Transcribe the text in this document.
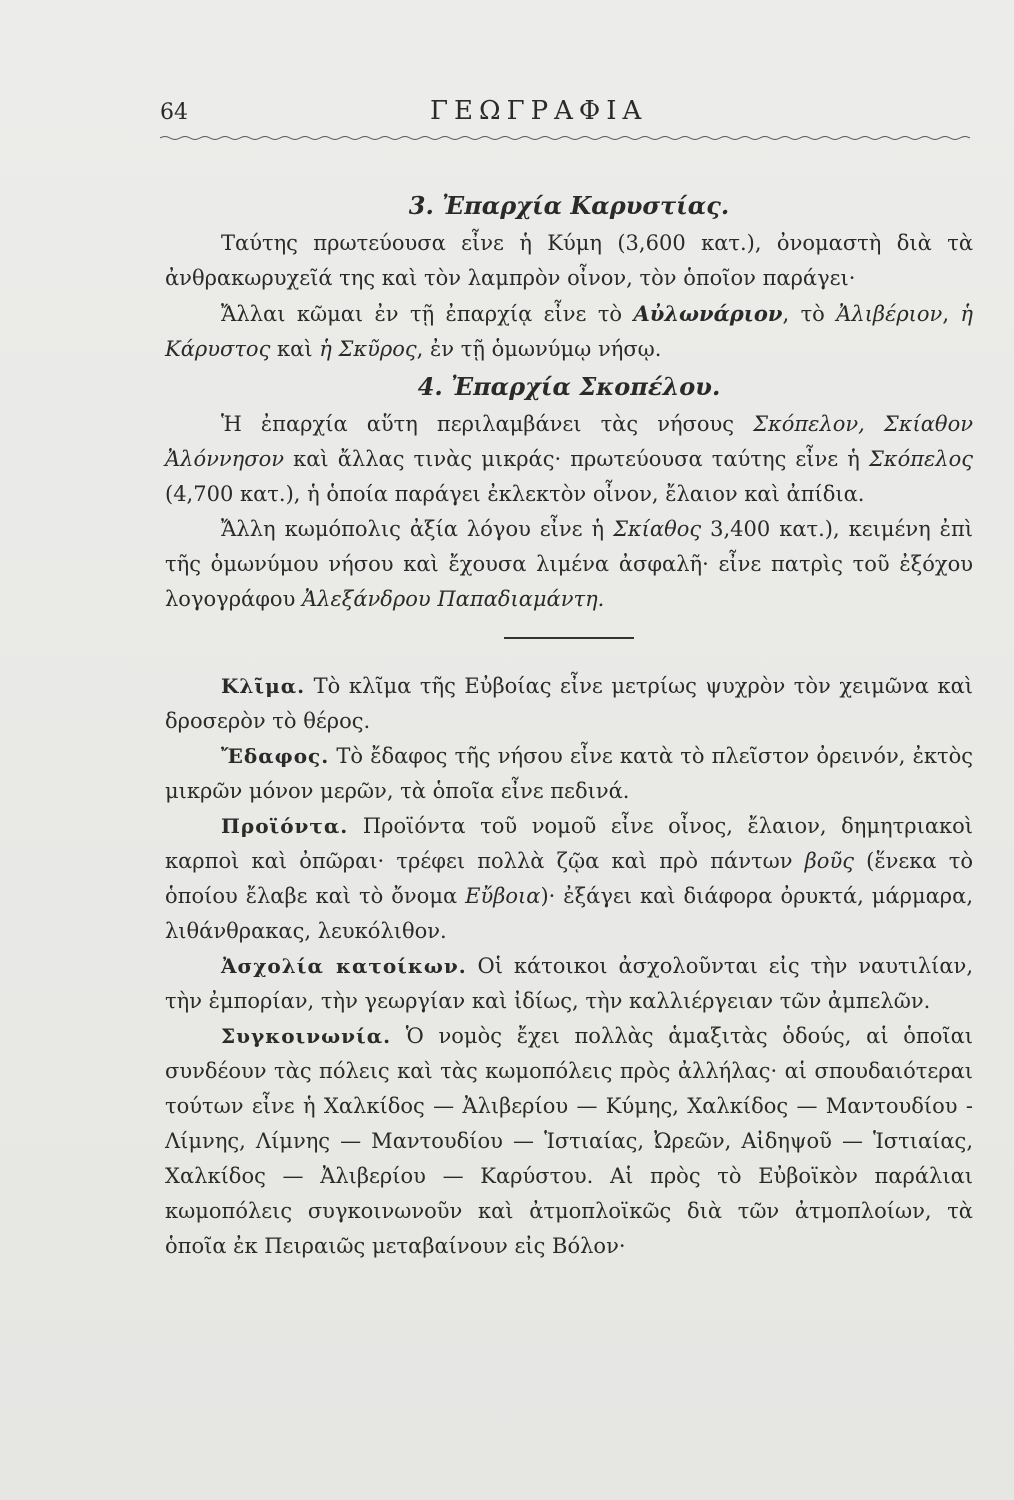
64	ΓΕΩΓΡΑΦΙΑ
3. Ἐπαρχία Καρυστίας.

Ταύτης πρωτεύουσα εἶνε ἡ Κύμη (3,600 κατ.), ὀνομαστὴ διὰ τὰ ἀνθρακωρυχεῖά της καὶ τὸν λαμπρὸν οἶνον, τὸν ὁποῖον παράγει·

Ἄλλαι κῶμαι ἐν τῇ ἐπαρχίᾳ εἶνε τὸ Αὐλωνάριον, τὸ Ἀλιβέριον, ἡ Κάρυστος καὶ ἡ Σκῦρος, ἐν τῇ ὁμωνύμῳ νήσῳ.

4. Ἐπαρχία Σκοπέλου.

Ἡ ἐπαρχία αὕτη περιλαμβάνει τὰς νήσους Σκόπελον, Σκίαθον Ἀλόννησον καὶ ἄλλας τινὰς μικράς· πρωτεύουσα ταύτης εἶνε ἡ Σκόπελος (4,700 κατ.), ἡ ὁποία παράγει ἐκλεκτὸν οἶνον, ἔλαιον καὶ ἀπίδια.

Ἄλλη κωμόπολις ἀξία λόγου εἶνε ἡ Σκίαθος 3,400 κατ.), κειμένη ἐπὶ τῆς ὁμωνύμου νήσου καὶ ἔχουσα λιμένα ἀσφαλῆ· εἶνε πατρὶς τοῦ ἐξόχου λογογράφου Ἀλεξάνδρου Παπαδιαμάντη.

Κλῖμα. Τὸ κλῖμα τῆς Εὐβοίας εἶνε μετρίως ψυχρὸν τὸν χειμῶνα καὶ δροσερὸν τὸ θέρος.

Ἔδαφος. Τὸ ἔδαφος τῆς νήσου εἶνε κατὰ τὸ πλεῖστον ὀρεινόν, ἐκτὸς μικρῶν μόνον μερῶν, τὰ ὁποῖα εἶνε πεδινά.

Προϊόντα. Προϊόντα τοῦ νομοῦ εἶνε οἶνος, ἔλαιον, δημητριακοὶ καρποὶ καὶ ὀπῶραι· τρέφει πολλὰ ζῷα καὶ πρὸ πάντων βοῦς (ἕνεκα τὸ ὁποίου ἔλαβε καὶ τὸ ὄνομα Εὔβοια)· ἐξάγει καὶ διάφορα ὀρυκτά, μάρμαρα, λιθάνθρακας, λευκόλιθον.

Ἀσχολία κατοίκων. Οἱ κάτοικοι ἀσχολοῦνται εἰς τὴν ναυτιλίαν, τὴν ἐμπορίαν, τὴν γεωργίαν καὶ ἰδίως, τὴν καλλιέργειαν τῶν ἀμπελῶν.

Συγκοινωνία. Ὁ νομὸς ἔχει πολλὰς ἁμαξιτὰς ὁδούς, αἱ ὁποῖαι συνδέουν τὰς πόλεις καὶ τὰς κωμοπόλεις πρὸς ἀλλήλας· αἱ σπουδαιότεραι τούτων εἶνε ἡ Χαλκίδος — Ἀλιβερίου — Κύμης, Χαλκίδος — Μαντουδίου - Λίμνης, Λίμνης — Μαντουδίου — Ἱστιαίας, Ὠρεῶν, Αἰδηψοῦ — Ἱστιαίας, Χαλκίδος — Ἀλιβερίου — Καρύστου. Αἱ πρὸς τὸ Εὐβοϊκὸν παράλιαι κωμοπόλεις συγκοινωνοῦν καὶ ἀτμοπλοϊκῶς διὰ τῶν ἀτμοπλοίων, τὰ ὁποῖα ἐκ Πειραιῶς μεταβαίνουν εἰς Βόλον·
